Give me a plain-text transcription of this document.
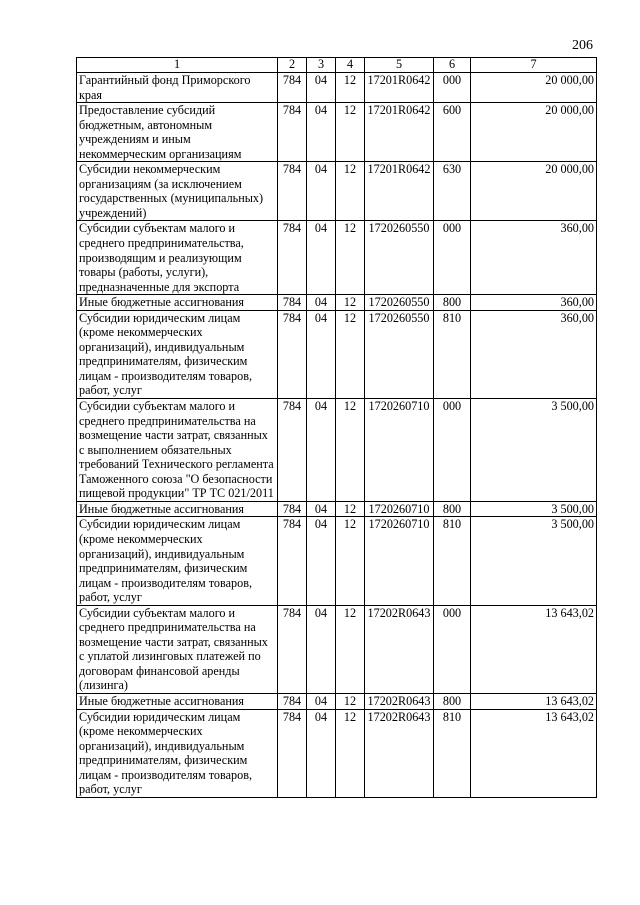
206
1	2	3	4	5	6	7
Гарантийный фонд Приморского края	784	04	12	17201R0642	000	20 000,00
Предоставление субсидий бюджетным, автономным учреждениям и иным некоммерческим организациям	784	04	12	17201R0642	600	20 000,00
Субсидии некоммерческим организациям (за исключением государственных (муниципальных) учреждений)	784	04	12	17201R0642	630	20 000,00
Субсидии субъектам малого и среднего предпринимательства, производящим и реализующим товары (работы, услуги), предназначенные для экспорта	784	04	12	1720260550	000	360,00
Иные бюджетные ассигнования	784	04	12	1720260550	800	360,00
Субсидии юридическим лицам (кроме некоммерческих организаций), индивидуальным предпринимателям, физическим лицам - производителям товаров, работ, услуг	784	04	12	1720260550	810	360,00
Субсидии субъектам малого и среднего предпринимательства на возмещение части затрат, связанных с выполнением обязательных требований Технического регламента Таможенного союза "О безопасности пищевой продукции" ТР ТС 021/2011	784	04	12	1720260710	000	3 500,00
Иные бюджетные ассигнования	784	04	12	1720260710	800	3 500,00
Субсидии юридическим лицам (кроме некоммерческих организаций), индивидуальным предпринимателям, физическим лицам - производителям товаров, работ, услуг	784	04	12	1720260710	810	3 500,00
Субсидии субъектам малого и среднего предпринимательства на возмещение части затрат, связанных с уплатой лизинговых платежей по договорам финансовой аренды (лизинга)	784	04	12	17202R0643	000	13 643,02
Иные бюджетные ассигнования	784	04	12	17202R0643	800	13 643,02
Субсидии юридическим лицам (кроме некоммерческих организаций), индивидуальным предпринимателям, физическим лицам - производителям товаров, работ, услуг	784	04	12	17202R0643	810	13 643,02
